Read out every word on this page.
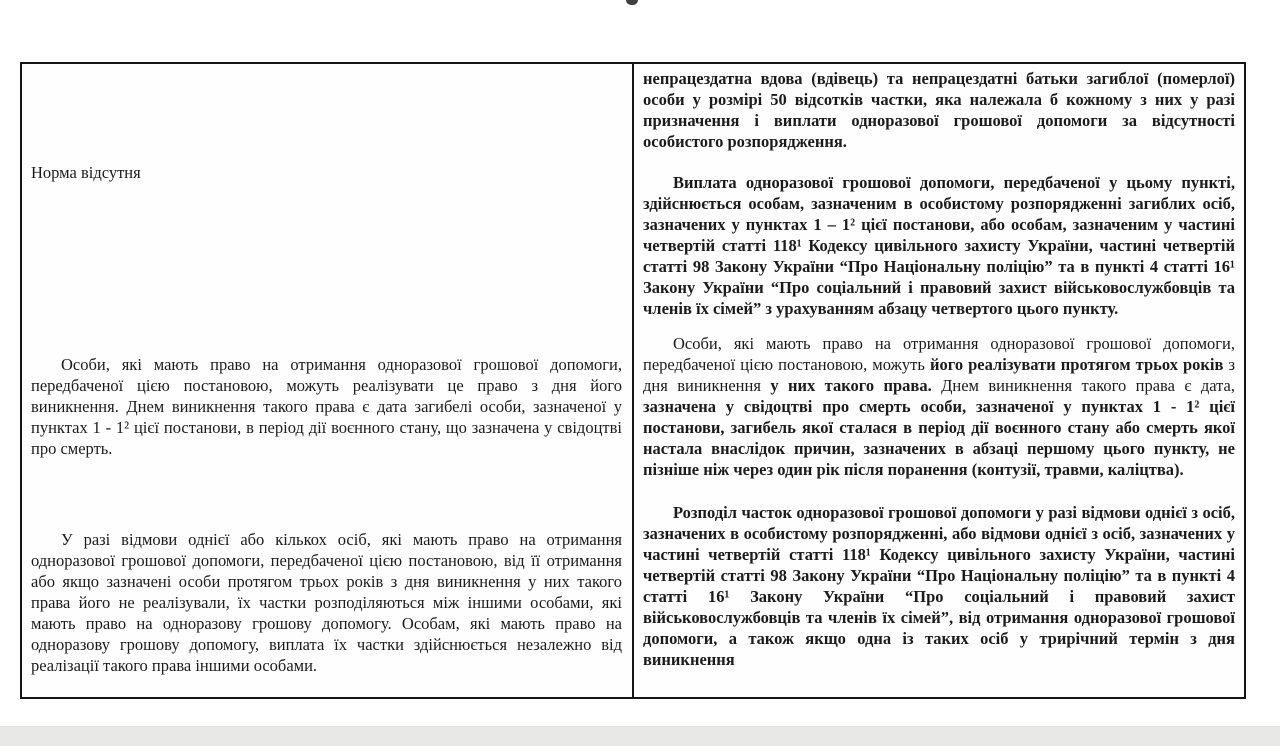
Норма відсутня

Особи, які мають право на отримання одноразової грошової допомоги, передбаченої цією постановою, можуть реалізувати це право з дня його виникнення. Днем виникнення такого права є дата загибелі особи, зазначеної у пунктах 1 - 1² цієї постанови, в період дії воєнного стану, що зазначена у свідоцтві про смерть.

У разі відмови однієї або кількох осіб, які мають право на отримання одноразової грошової допомоги, передбаченої цією постановою, від її отримання або якщо зазначені особи протягом трьох років з дня виникнення у них такого права його не реалізували, їх частки розподіляються між іншими особами, які мають право на одноразову грошову допомогу. Особам, які мають право на одноразову грошову допомогу, виплата їх частки здійснюється незалежно від реалізації такого права іншими особами.

непрацездатна вдова (вдівець) та непрацездатні батьки загиблої (померлої) особи у розмірі 50 відсотків частки, яка належала б кожному з них у разі призначення і виплати одноразової грошової допомоги за відсутності особистого розпорядження.

Виплата одноразової грошової допомоги, передбаченої у цьому пункті, здійснюється особам, зазначеним в особистому розпорядженні загиблих осіб, зазначених у пунктах 1 – 1² цієї постанови, або особам, зазначеним у частині четвертій статті 118¹ Кодексу цивільного захисту України, частині четвертій статті 98 Закону України “Про Національну поліцію” та в пункті 4 статті 16¹ Закону України “Про соціальний і правовий захист військовослужбовців та членів їх сімей” з урахуванням абзацу четвертого цього пункту.

Особи, які мають право на отримання одноразової грошової допомоги, передбаченої цією постановою, можуть його реалізувати протягом трьох років з дня виникнення у них такого права. Днем виникнення такого права є дата, зазначена у свідоцтві про смерть особи, зазначеної у пунктах 1 - 1² цієї постанови, загибель якої сталася в період дії воєнного стану або смерть якої настала внаслідок причин, зазначених в абзаці першому цього пункту, не пізніше ніж через один рік після поранення (контузії, травми, каліцтва).

Розподіл часток одноразової грошової допомоги у разі відмови однієї з осіб, зазначених в особистому розпорядженні, або відмови однієї з осіб, зазначених у частині четвертій статті 118¹ Кодексу цивільного захисту України, частині четвертій статті 98 Закону України “Про Національну поліцію” та в пункті 4 статті 16¹ Закону України “Про соціальний і правовий захист військовослужбовців та членів їх сімей”, від отримання одноразової грошової допомоги, а також якщо одна із таких осіб у трирічний термін з дня виникнення
